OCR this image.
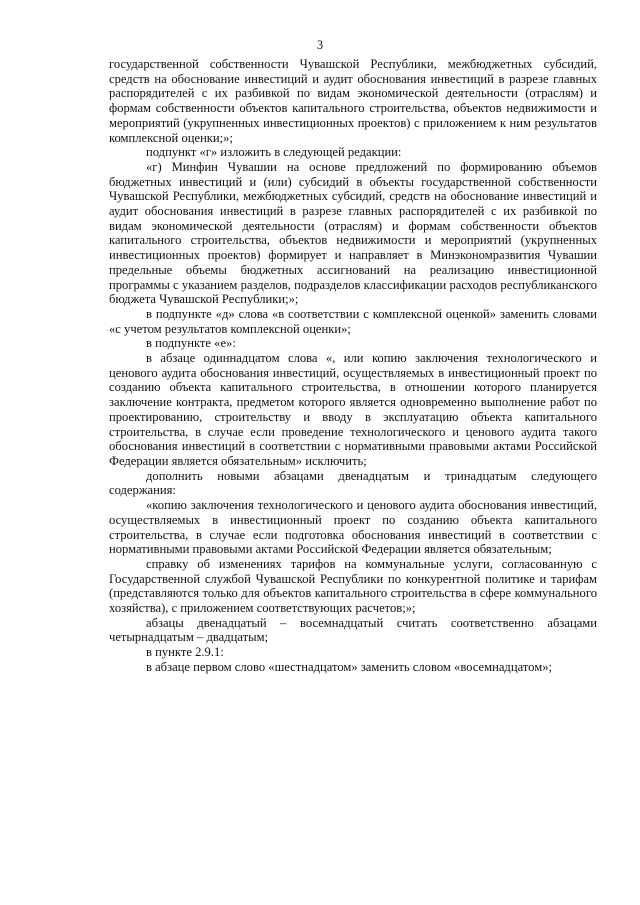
3

государственной собственности Чувашской Республики, межбюджетных субсидий, средств на обоснование инвестиций и аудит обоснования инвестиций в разрезе главных распорядителей с их разбивкой по видам экономической деятельности (отраслям) и формам собственности объектов капитального строительства, объектов недвижимости и мероприятий (укрупненных инвестиционных проектов) с приложением к ним результатов комплексной оценки;»;

подпункт «г» изложить в следующей редакции:

«г) Минфин Чувашии на основе предложений по формированию объемов бюджетных инвестиций и (или) субсидий в объекты государственной собственности Чувашской Республики, межбюджетных субсидий, средств на обоснование инвестиций и аудит обоснования инвестиций в разрезе главных распорядителей с их разбивкой по видам экономической деятельности (отраслям) и формам собственности объектов капитального строительства, объектов недвижимости и мероприятий (укрупненных инвестиционных проектов) формирует и направляет в Минэкономразвития Чувашии предельные объемы бюджетных ассигнований на реализацию инвестиционной программы с указанием разделов, подразделов классификации расходов республиканского бюджета Чувашской Республики;»;

в подпункте «д» слова «в соответствии с комплексной оценкой» заменить словами «с учетом результатов комплексной оценки»;

в подпункте «е»:

в абзаце одиннадцатом слова «, или копию заключения технологического и ценового аудита обоснования инвестиций, осуществляемых в инвестиционный проект по созданию объекта капитального строительства, в отношении которого планируется заключение контракта, предметом которого является одновременно выполнение работ по проектированию, строительству и вводу в эксплуатацию объекта капитального строительства, в случае если проведение технологического и ценового аудита такого обоснования инвестиций в соответствии с нормативными правовыми актами Российской Федерации является обязательным» исключить;

дополнить новыми абзацами двенадцатым и тринадцатым следующего содержания:

«копию заключения технологического и ценового аудита обоснования инвестиций, осуществляемых в инвестиционный проект по созданию объекта капитального строительства, в случае если подготовка обоснования инвестиций в соответствии с нормативными правовыми актами Российской Федерации является обязательным;

справку об изменениях тарифов на коммунальные услуги, согласованную с Государственной службой Чувашской Республики по конкурентной политике и тарифам (представляются только для объектов капитального строительства в сфере коммунального хозяйства), с приложением соответствующих расчетов;»;

абзацы двенадцатый – восемнадцатый считать соответственно абзацами четырнадцатым – двадцатым;

в пункте 2.9.1:

в абзаце первом слово «шестнадцатом» заменить словом «восемнадцатом»;
